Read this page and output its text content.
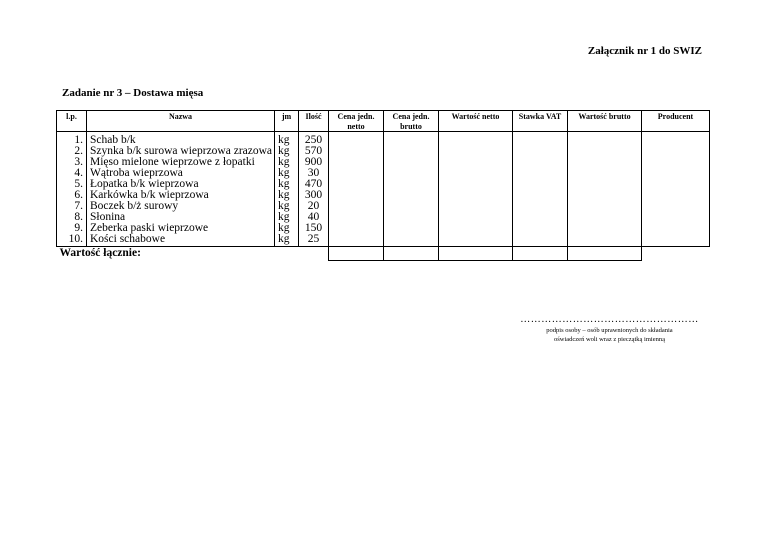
Załącznik nr 1 do SWIZ
Zadanie nr 3 – Dostawa mięsa
l.p.	Nazwa	jm	Ilość	Cena jedn. netto	Cena jedn. brutto	Wartość netto	Stawka VAT	Wartość brutto	Producent
1.	Schab b/k	kg	250						
2.	Szynka b/k surowa wieprzowa zrazowa	kg	570						
3.	Mięso mielone wieprzowe z łopatki	kg	900						
4.	Wątroba wieprzowa	kg	30						
5.	Łopatka b/k wieprzowa	kg	470						
6.	Karkówka b/k wieprzowa	kg	300						
7.	Boczek b/ż surowy	kg	20						
8.	Słonina	kg	40						
9.	Żeberka paski wieprzowe	kg	150						
10.	Kości schabowe	kg	25						
Wartość łącznie:									
……………………………………………
podpis osoby – osób uprawnionych do składania
oświadczeń woli wraz z pieczątką imienną
